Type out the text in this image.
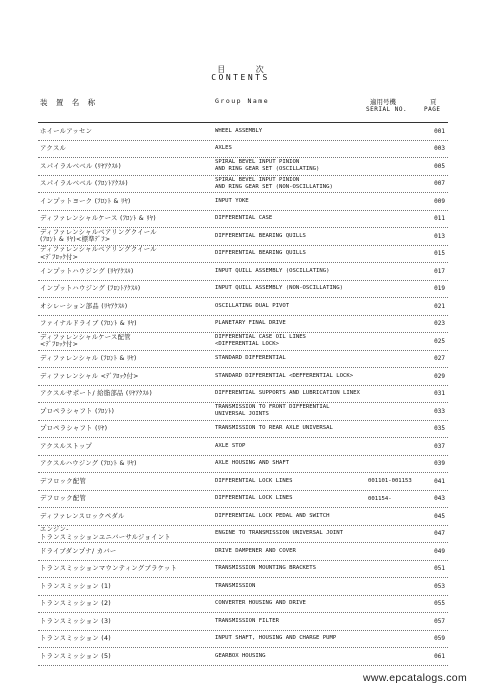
目 次
CONTENTS
装 置 名 称	Group Name	適用号機
SERIAL NO.
頁
PAGE
ホイールアッセン	WHEEL ASSEMBLY	001
アクスル	AXLES	003
スパイラルベベル (ﾘﾔｱｸｽﾙ)
SPIRAL BEVEL INPUT PINION
AND RING GEAR SET (OSCILLATING)	005
スパイラルベベル (ﾌﾛﾝﾄｱｸｽﾙ)
SPIRAL BEVEL INPUT PINION
AND RING GEAR SET (NON-OSCILLATING)	007
インプットヨーク (ﾌﾛﾝﾄ & ﾘﾔ)	INPUT YOKE	009
ディファレンシャルケース (ﾌﾛﾝﾄ & ﾘﾔ)	DIFFERENTIAL CASE	011
ディファレンシャルベアリングクイール
(ﾌﾛﾝﾄ & ﾘﾔ)<標準ﾃﾞﾌ>
DIFFERENTIAL BEARING QUILLS	013
ディファレンシャルベアリングクイール
<ﾃﾞﾌﾛｯｸ付>
DIFFERENTIAL BEARING QUILLS	015
インプットハウジング (ﾘﾔｱｸｽﾙ)	INPUT QUILL ASSEMBLY (OSCILLATING)	017
インプットハウジング (ﾌﾛﾝﾄｱｸｽﾙ)	INPUT QUILL ASSEMBLY (NON-OSCILLATING)	019
オシレーション部品 (ﾘﾔｱｸｽﾙ)	OSCILLATING DUAL PIVOT	021
ファイナルドライブ (ﾌﾛﾝﾄ & ﾘﾔ)	PLANETARY FINAL DRIVE	023
ディファレンシャルケース配管
<ﾃﾞﾌﾛｯｸ付>
DIFFERENTIAL CASE OIL LINES
<DIFFERENTIAL LOCK>	025
ディファレンシャル (ﾌﾛﾝﾄ & ﾘﾔ)	STANDARD DIFFERENTIAL	027
ディファレンシャル <ﾃﾞﾌﾛｯｸ付>	STANDARD DIFFERENTIAL <DEFFERENTIAL LOCK>	029
アクスルサポート/ 給脂部品 (ﾘﾔｱｸｽﾙ)	DIFFERENTIAL SUPPORTS AND LUBRICATION LINEX	031
プロペラシャフト (ﾌﾛﾝﾄ)
TRANSMISSION TO FRONT DIFFERENTIAL
UNIVERSAL JOINTS	033
プロペラシャフト (ﾘﾔ)	TRANSMISSION TO REAR AXLE UNIVERSAL	035
アクスルストップ	AXLE STOP	037
アクスルハウジング (ﾌﾛﾝﾄ & ﾘﾔ)	AXLE HOUSING AND SHAFT	039
デフロック配管	DIFFERENTIAL LOCK LINES	001101-001153	041
デフロック配管	DIFFERENTIAL LOCK LINES	001154-	043
ディファレンスロックペダル	DIFFERENTIAL LOCK PEDAL AND SWITCH	045
エンジン-
トランスミッションユニバーサルジョイント
ENGINE TO TRANSMISSION UNIVERSAL JOINT	047
ドライブダンプナ/ カバー	DRIVE DAMPENER AND COVER	049
トランスミッションマウンティングブラケット	TRANSMISSION MOUNTING BRACKETS	051
トランスミッション (1)	TRANSMISSION	053
トランスミッション (2)	CONVERTER HOUSING AND DRIVE	055
トランスミッション (3)	TRANSMISSION FILTER	057
トランスミッション (4)	INPUT SHAFT, HOUSING AND CHARGE PUMP	059
トランスミッション (5)	GEARBOX HOUSING	061
www.epcatalogs.com
